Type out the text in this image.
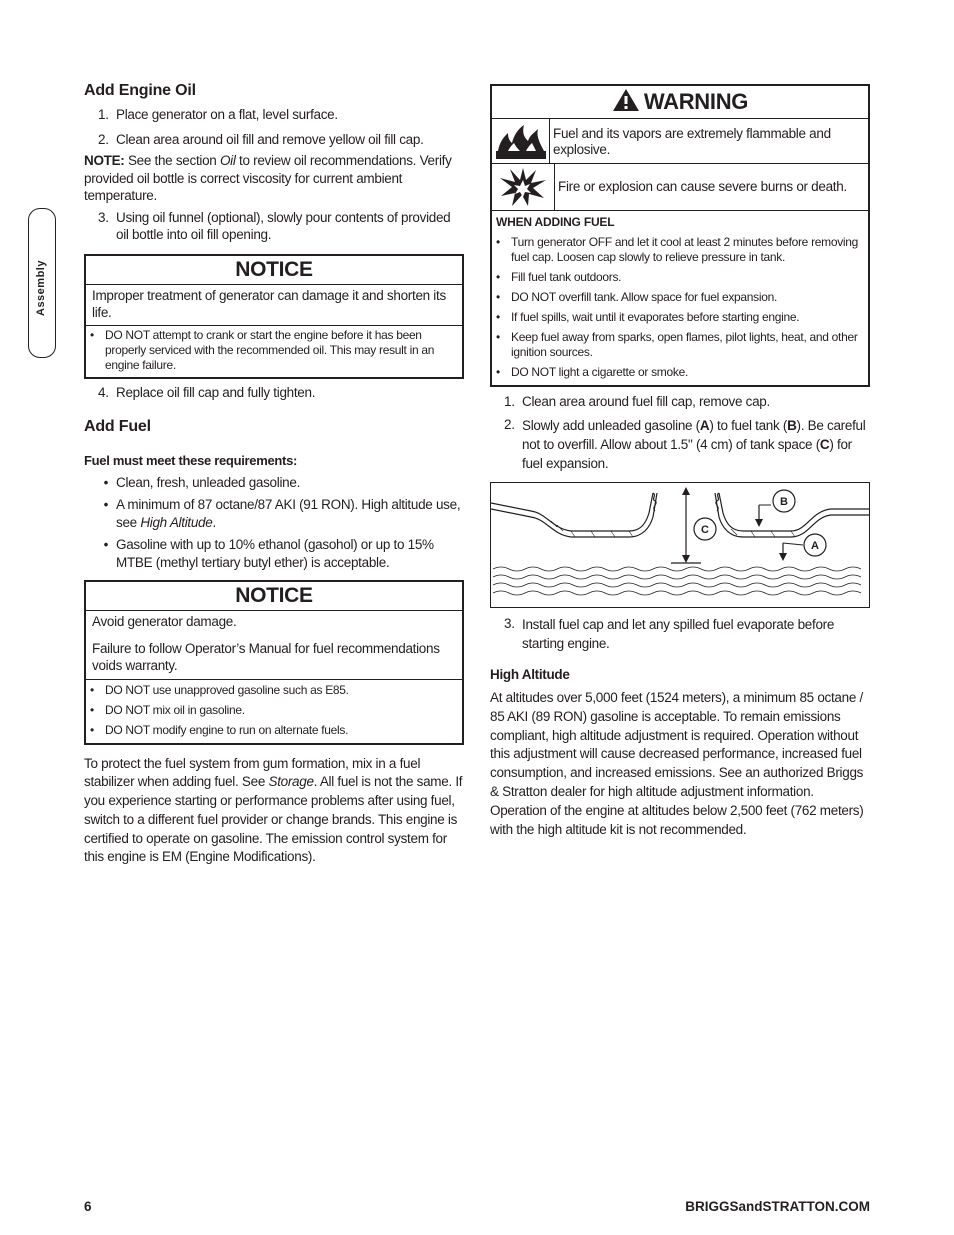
Assembly
Add Engine Oil
1. Place generator on a flat, level surface.
2. Clean area around oil fill and remove yellow oil fill cap.

NOTE: See the section Oil to review oil recommendations. Verify provided oil bottle is correct viscosity for current ambient temperature.

3. Using oil funnel (optional), slowly pour contents of provided oil bottle into oil fill opening.
NOTICE

Improper treatment of generator can damage it and shorten its life.

• DO NOT attempt to crank or start the engine before it has been properly serviced with the recommended oil. This may result in an engine failure.
4. Replace oil fill cap and fully tighten.
Add Fuel

Fuel must meet these requirements:

• Clean, fresh, unleaded gasoline.
• A minimum of 87 octane/87 AKI (91 RON). High altitude use, see High Altitude.
• Gasoline with up to 10% ethanol (gasohol) or up to 15% MTBE (methyl tertiary butyl ether) is acceptable.
NOTICE

Avoid generator damage.

Failure to follow Operator’s Manual for fuel recommendations voids warranty.

• DO NOT use unapproved gasoline such as E85.
• DO NOT mix oil in gasoline.
• DO NOT modify engine to run on alternate fuels.

To protect the fuel system from gum formation, mix in a fuel stabilizer when adding fuel. See Storage. All fuel is not the same. If you experience starting or performance problems after using fuel, switch to a different fuel provider or change brands. This engine is certified to operate on gasoline. The emission control system for this engine is EM (Engine Modifications).

WARNING
Fuel and its vapors are extremely flammable and explosive.
Fire or explosion can cause severe burns or death.
WHEN ADDING FUEL
• Turn generator OFF and let it cool at least 2 minutes before removing fuel cap. Loosen cap slowly to relieve pressure in tank.
• Fill fuel tank outdoors.
• DO NOT overfill tank. Allow space for fuel expansion.
• If fuel spills, wait until it evaporates before starting engine.
• Keep fuel away from sparks, open flames, pilot lights, heat, and other ignition sources.
• DO NOT light a cigarette or smoke.
1. Clean area around fuel fill cap, remove cap.
2. Slowly add unleaded gasoline (A) to fuel tank (B). Be careful not to overfill. Allow about 1.5" (4 cm) of tank space (C) for fuel expansion.
B
A
C
3. Install fuel cap and let any spilled fuel evaporate before starting engine.

High Altitude

At altitudes over 5,000 feet (1524 meters), a minimum 85 octane / 85 AKI (89 RON) gasoline is acceptable. To remain emissions compliant, high altitude adjustment is required. Operation without this adjustment will cause decreased performance, increased fuel consumption, and increased emissions. See an authorized Briggs & Stratton dealer for high altitude adjustment information. Operation of the engine at altitudes below 2,500 feet (762 meters) with the high altitude kit is not recommended.

6	BRIGGSandSTRATTON.COM
